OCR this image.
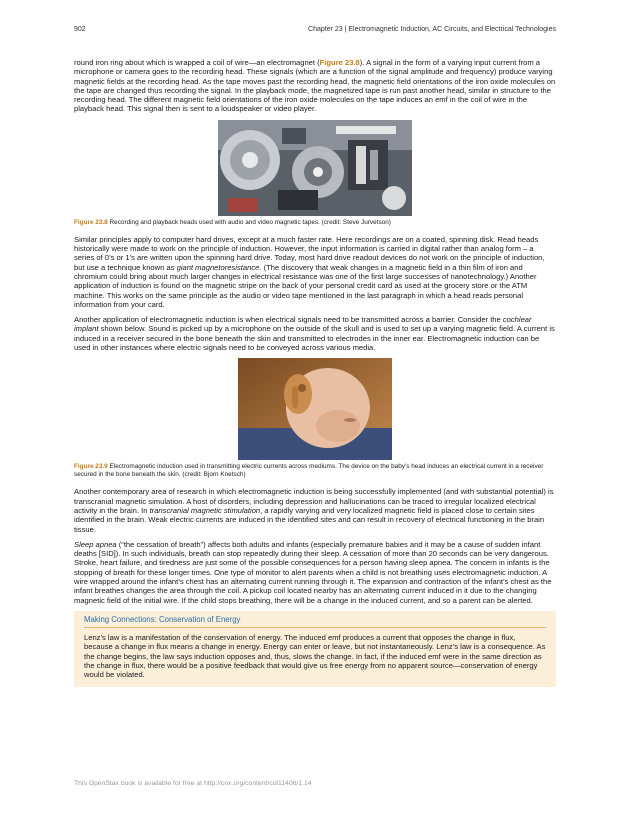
902	Chapter 23 | Electromagnetic Induction, AC Circuits, and Electrical Technologies

round iron ring about which is wrapped a coil of wire—an electromagnet (Figure 23.8). A signal in the form of a varying input current from a microphone or camera goes to the recording head. These signals (which are a function of the signal amplitude and frequency) produce varying magnetic fields at the recording head. As the tape moves past the recording head, the magnetic field orientations of the iron oxide molecules on the tape are changed thus recording the signal. In the playback mode, the magnetized tape is run past another head, similar in structure to the recording head. The different magnetic field orientations of the iron oxide molecules on the tape induces an emf in the coil of wire in the playback head. This signal then is sent to a loudspeaker or video player.

Figure 23.8 Recording and playback heads used with audio and video magnetic tapes. (credit: Steve Jurvetson)

Similar principles apply to computer hard drives, except at a much faster rate. Here recordings are on a coated, spinning disk. Read heads historically were made to work on the principle of induction. However, the input information is carried in digital rather than analog form – a series of 0’s or 1’s are written upon the spinning hard drive. Today, most hard drive readout devices do not work on the principle of induction, but use a technique known as giant magnetoresistance. (The discovery that weak changes in a magnetic field in a thin film of iron and chromium could bring about much larger changes in electrical resistance was one of the first large successes of nanotechnology.) Another application of induction is found on the magnetic stripe on the back of your personal credit card as used at the grocery store or the ATM machine. This works on the same principle as the audio or video tape mentioned in the last paragraph in which a head reads personal information from your card.

Another application of electromagnetic induction is when electrical signals need to be transmitted across a barrier. Consider the cochlear implant shown below. Sound is picked up by a microphone on the outside of the skull and is used to set up a varying magnetic field. A current is induced in a receiver secured in the bone beneath the skin and transmitted to electrodes in the inner ear. Electromagnetic induction can be used in other instances where electric signals need to be conveyed across various media.

Figure 23.9 Electromagnetic induction used in transmitting electric currents across mediums. The device on the baby’s head induces an electrical current in a receiver secured in the bone beneath the skin. (credit: Bjorn Knetsch)

Another contemporary area of research in which electromagnetic induction is being successfully implemented (and with substantial potential) is transcranial magnetic simulation. A host of disorders, including depression and hallucinations can be traced to irregular localized electrical activity in the brain. In transcranial magnetic stimulation, a rapidly varying and very localized magnetic field is placed close to certain sites identified in the brain. Weak electric currents are induced in the identified sites and can result in recovery of electrical functioning in the brain tissue.

Sleep apnea (“the cessation of breath”) affects both adults and infants (especially premature babies and it may be a cause of sudden infant deaths [SID]). In such individuals, breath can stop repeatedly during their sleep. A cessation of more than 20 seconds can be very dangerous. Stroke, heart failure, and tiredness are just some of the possible consequences for a person having sleep apnea. The concern in infants is the stopping of breath for these longer times. One type of monitor to alert parents when a child is not breathing uses electromagnetic induction. A wire wrapped around the infant’s chest has an alternating current running through it. The expansion and contraction of the infant’s chest as the infant breathes changes the area through the coil. A pickup coil located nearby has an alternating current induced in it due to the changing magnetic field of the initial wire. If the child stops breathing, there will be a change in the induced current, and so a parent can be alerted.

Making Connections: Conservation of Energy

Lenz’s law is a manifestation of the conservation of energy. The induced emf produces a current that opposes the change in flux, because a change in flux means a change in energy. Energy can enter or leave, but not instantaneously. Lenz’s law is a consequence. As the change begins, the law says induction opposes and, thus, slows the change. In fact, if the induced emf were in the same direction as the change in flux, there would be a positive feedback that would give us free energy from no apparent source—conservation of energy would be violated.

This OpenStax book is available for free at http://cnx.org/content/col11406/1.14
